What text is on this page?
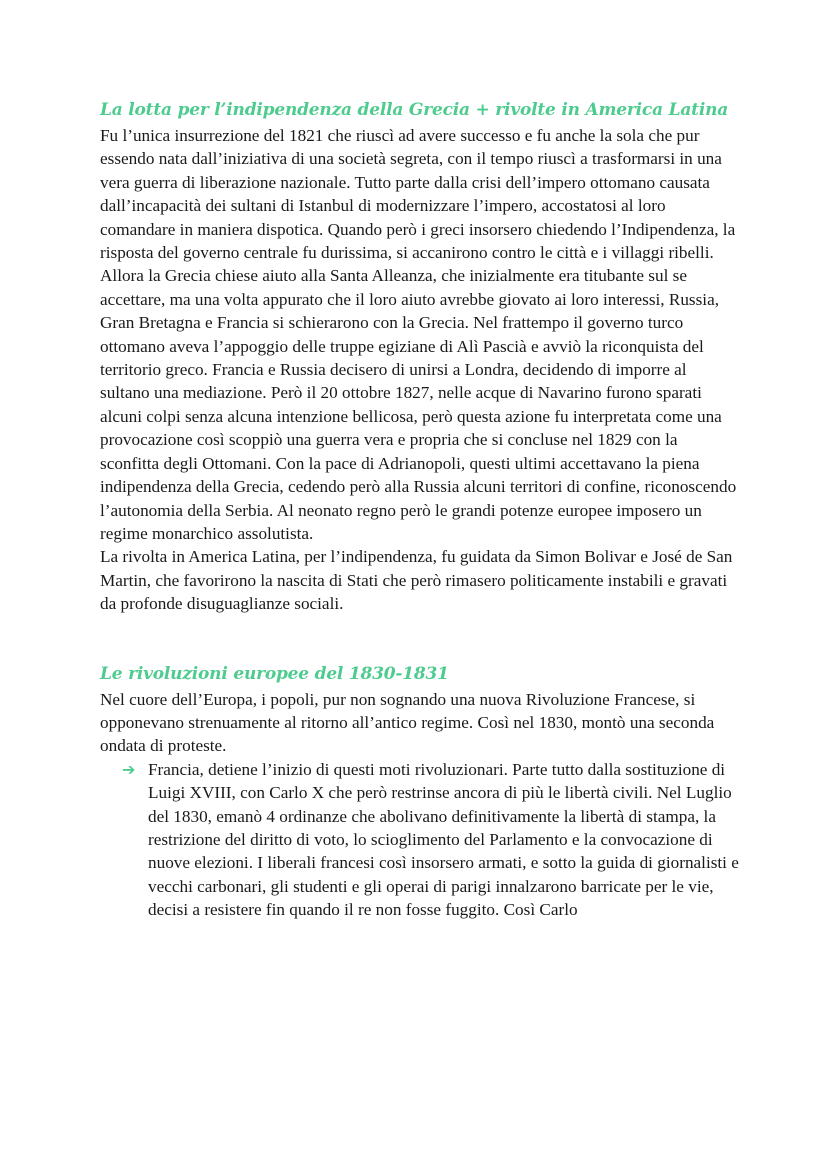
La lotta per l’indipendenza della Grecia + rivolte in America Latina

Fu l’unica insurrezione del 1821 che riuscì ad avere successo e fu anche la sola che pur essendo nata dall’iniziativa di una società segreta, con il tempo riuscì a trasformarsi in una vera guerra di liberazione nazionale. Tutto parte dalla crisi dell’impero ottomano causata dall’incapacità dei sultani di Istanbul di modernizzare l’impero, accostatosi al loro comandare in maniera dispotica. Quando però i greci insorsero chiedendo l’Indipendenza, la risposta del governo centrale fu durissima, si accanirono contro le città e i villaggi ribelli. Allora la Grecia chiese aiuto alla Santa Alleanza, che inizialmente era titubante sul se accettare, ma una volta appurato che il loro aiuto avrebbe giovato ai loro interessi, Russia, Gran Bretagna e Francia si schierarono con la Grecia. Nel frattempo il governo turco ottomano aveva l’appoggio delle truppe egiziane di Alì Pascià e avviò la riconquista del territorio greco. Francia e Russia decisero di unirsi a Londra, decidendo di imporre al sultano una mediazione. Però il 20 ottobre 1827, nelle acque di Navarino furono sparati alcuni colpi senza alcuna intenzione bellicosa, però questa azione fu interpretata come una provocazione così scoppiò una guerra vera e propria che si concluse nel 1829 con la sconfitta degli Ottomani. Con la pace di Adrianopoli, questi ultimi accettavano la piena indipendenza della Grecia, cedendo però alla Russia alcuni territori di confine, riconoscendo l’autonomia della Serbia. Al neonato regno però le grandi potenze europee imposero un regime monarchico assolutista.

La rivolta in America Latina, per l’indipendenza, fu guidata da Simon Bolivar e José de San Martin, che favorirono la nascita di Stati che però rimasero politicamente instabili e gravati da profonde disuguaglianze sociali.

Le rivoluzioni europee del 1830-1831

Nel cuore dell’Europa, i popoli, pur non sognando una nuova Rivoluzione Francese, si opponevano strenuamente al ritorno all’antico regime. Così nel 1830, montò una seconda ondata di proteste.

➔ Francia, detiene l’inizio di questi moti rivoluzionari. Parte tutto dalla sostituzione di Luigi XVIII, con Carlo X che però restrinse ancora di più le libertà civili. Nel Luglio del 1830, emanò 4 ordinanze che abolivano definitivamente la libertà di stampa, la restrizione del diritto di voto, lo scioglimento del Parlamento e la convocazione di nuove elezioni. I liberali francesi così insorsero armati, e sotto la guida di giornalisti e vecchi carbonari, gli studenti e gli operai di parigi innalzarono barricate per le vie, decisi a resistere fin quando il re non fosse fuggito. Così Carlo
